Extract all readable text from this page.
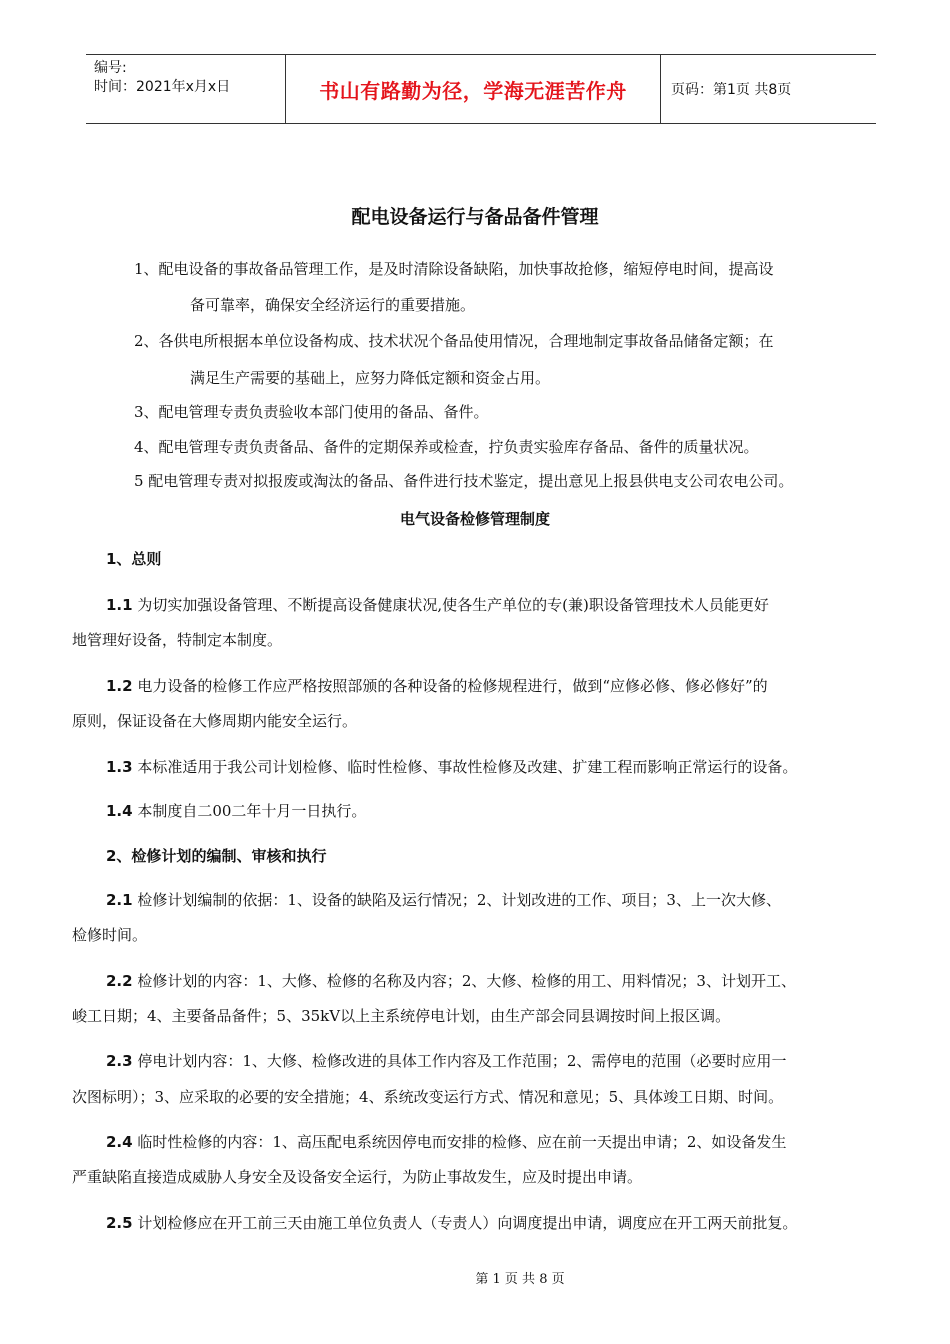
编号:
时间：2021年x月x日	书山有路勤为径，学海无涯苦作舟	页码：第1页 共8页
配电设备运行与备品备件管理
1、配电设备的事故备品管理工作，是及时清除设备缺陷，加快事故抢修，缩短停电时间，提高设
备可靠率，确保安全经济运行的重要措施。
2、各供电所根据本单位设备构成、技术状况个备品使用情况，合理地制定事故备品储备定额；在
满足生产需要的基础上，应努力降低定额和资金占用。
3、配电管理专责负责验收本部门使用的备品、备件。
4、配电管理专责负责备品、备件的定期保养或检查，拧负责实验库存备品、备件的质量状况。
5 配电管理专责对拟报废或淘汰的备品、备件进行技术鉴定，提出意见上报县供电支公司农电公司。
电气设备检修管理制度
1、总则
1.1 为切实加强设备管理、不断提高设备健康状况,使各生产单位的专(兼)职设备管理技术人员能更好
地管理好设备，特制定本制度。
1.2 电力设备的检修工作应严格按照部颁的各种设备的检修规程进行，做到“应修必修、修必修好”的
原则，保证设备在大修周期内能安全运行。
1.3 本标准适用于我公司计划检修、临时性检修、事故性检修及改建、扩建工程而影响正常运行的设备。
1.4 本制度自二00二年十月一日执行。
2、检修计划的编制、审核和执行
2.1 检修计划编制的依据：1、设备的缺陷及运行情况；2、计划改进的工作、项目；3、上一次大修、
检修时间。
2.2 检修计划的内容：1、大修、检修的名称及内容；2、大修、检修的用工、用料情况；3、计划开工、
峻工日期；4、主要备品备件；5、35kV以上主系统停电计划，由生产部会同县调按时间上报区调。
2.3 停电计划内容：1、大修、检修改进的具体工作内容及工作范围；2、需停电的范围（必要时应用一
次图标明）；3、应采取的必要的安全措施；4、系统改变运行方式、情况和意见；5、具体竣工日期、时间。
2.4 临时性检修的内容：1、高压配电系统因停电而安排的检修、应在前一天提出申请；2、如设备发生
严重缺陷直接造成威胁人身安全及设备安全运行，为防止事故发生，应及时提出申请。
2.5 计划检修应在开工前三天由施工单位负责人（专责人）向调度提出申请，调度应在开工两天前批复。
第 1 页 共 8 页
